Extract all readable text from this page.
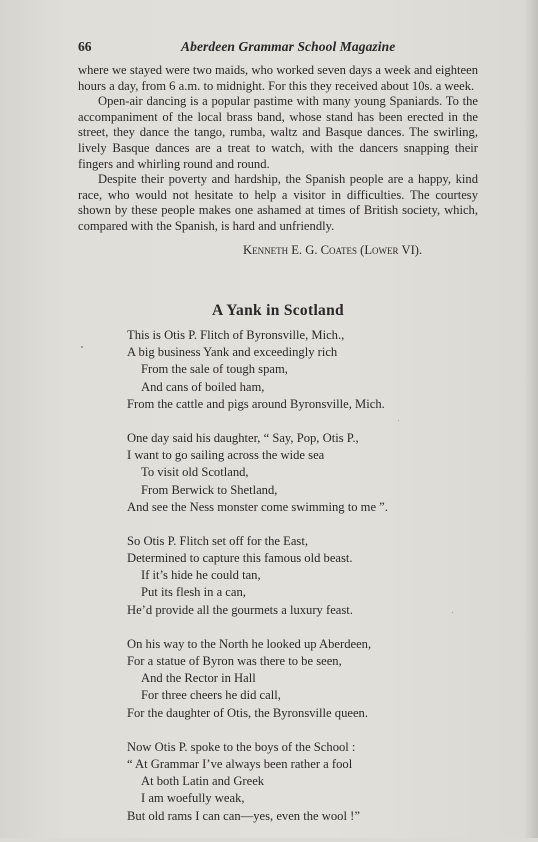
66	Aberdeen Grammar School Magazine

where we stayed were two maids, who worked seven days a week and eighteen hours a day, from 6 a.m. to midnight. For this they received about 10s. a week.

Open-air dancing is a popular pastime with many young Spaniards. To the accompaniment of the local brass band, whose stand has been erected in the street, they dance the tango, rumba, waltz and Basque dances. The swirling, lively Basque dances are a treat to watch, with the dancers snapping their fingers and whirling round and round.

Despite their poverty and hardship, the Spanish people are a happy, kind race, who would not hesitate to help a visitor in difficulties. The courtesy shown by these people makes one ashamed at times of British society, which, compared with the Spanish, is hard and unfriendly.

Kenneth E. G. Coates (Lower VI).
A Yank in Scotland
This is Otis P. Flitch of Byronsville, Mich.,
A big business Yank and exceedingly rich
From the sale of tough spam,
And cans of boiled ham,
From the cattle and pigs around Byronsville, Mich.
One day said his daughter, “ Say, Pop, Otis P.,
I want to go sailing across the wide sea
To visit old Scotland,
From Berwick to Shetland,
And see the Ness monster come swimming to me ”.
So Otis P. Flitch set off for the East,
Determined to capture this famous old beast.
If it’s hide he could tan,
Put its flesh in a can,
He’d provide all the gourmets a luxury feast.
On his way to the North he looked up Aberdeen,
For a statue of Byron was there to be seen,
And the Rector in Hall
For three cheers he did call,
For the daughter of Otis, the Byronsville queen.
Now Otis P. spoke to the boys of the School :
“ At Grammar I’ve always been rather a fool
At both Latin and Greek
I am woefully weak,
But old rams I can can—yes, even the wool !”
